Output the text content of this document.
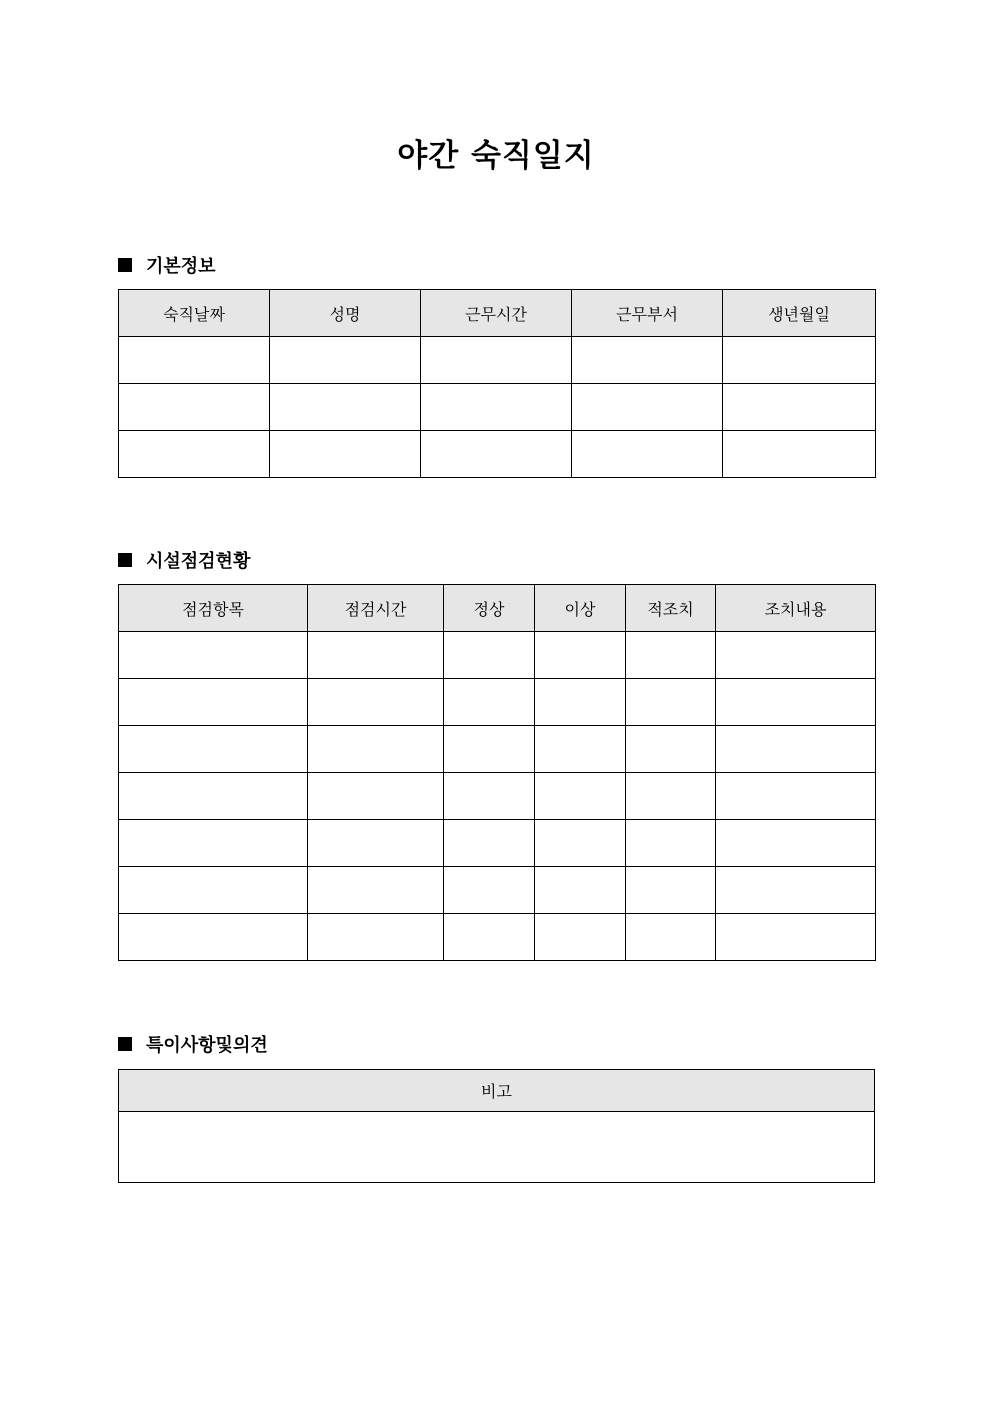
야간 숙직일지
기본정보
숙직날짜	성명	근무시간	근무부서	생년월일

시설점검현황
점검항목	점검시간	정상	이상	적조치	조치내용

특이사항및의견
비고
